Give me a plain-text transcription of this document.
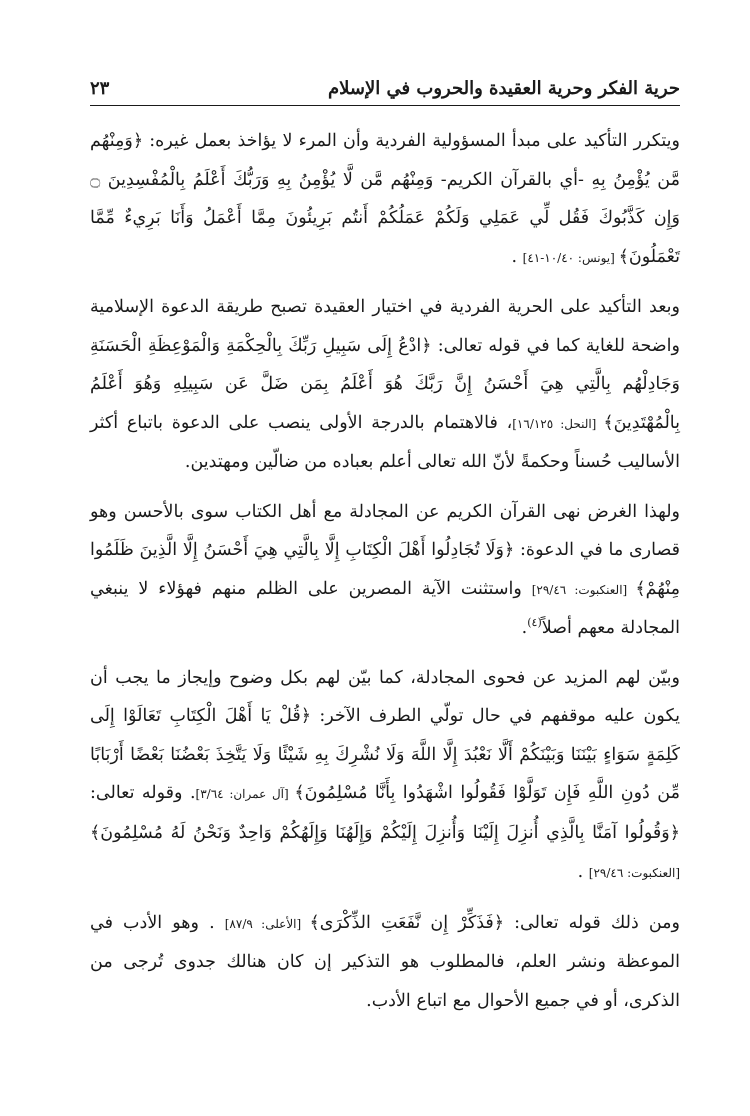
حرية الفكر وحرية العقيدة والحروب في الإسلام
٢٣

ويتكرر التأكيد على مبدأ المسؤولية الفردية وأن المرء لا يؤاخذ بعمل غيره: ﴿وَمِنْهُم مَّن يُؤْمِنُ بِهِ -أي بالقرآن الكريم- وَمِنْهُم مَّن لَّا يُؤْمِنُ بِهِ وَرَبُّكَ أَعْلَمُ بِالْمُفْسِدِينَ ۝ وَإِن كَذَّبُوكَ فَقُل لِّي عَمَلِي وَلَكُمْ عَمَلُكُمْ أَنتُم بَرِيئُونَ مِمَّا أَعْمَلُ وَأَنَا بَرِيءٌ مِّمَّا تَعْمَلُونَ﴾ [يونس: ١٠/٤٠-٤١] .

وبعد التأكيد على الحرية الفردية في اختيار العقيدة تصبح طريقة الدعوة الإسلامية واضحة للغاية كما في قوله تعالى: ﴿ادْعُ إِلَى سَبِيلِ رَبِّكَ بِالْحِكْمَةِ وَالْمَوْعِظَةِ الْحَسَنَةِ وَجَادِلْهُم بِالَّتِي هِيَ أَحْسَنُ إِنَّ رَبَّكَ هُوَ أَعْلَمُ بِمَن ضَلَّ عَن سَبِيلِهِ وَهُوَ أَعْلَمُ بِالْمُهْتَدِينَ﴾ [النحل: ١٦/١٢٥]، فالاهتمام بالدرجة الأولى ينصب على الدعوة باتباع أكثر الأساليب حُسناً وحكمةً لأنّ الله تعالى أعلم بعباده من ضالّين ومهتدين.

ولهذا الغرض نهى القرآن الكريم عن المجادلة مع أهل الكتاب سوى بالأحسن وهو قصارى ما في الدعوة: ﴿وَلَا تُجَادِلُوا أَهْلَ الْكِتَابِ إِلَّا بِالَّتِي هِيَ أَحْسَنُ إِلَّا الَّذِينَ ظَلَمُوا مِنْهُمْ﴾ [العنكبوت: ٢٩/٤٦] واستثنت الآية المصرين على الظلم منهم فهؤلاء لا ينبغي المجادلة معهم أصلاً$^{(٤)}$.

وبيّن لهم المزيد عن فحوى المجادلة، كما بيّن لهم بكل وضوح وإيجاز ما يجب أن يكون عليه موقفهم في حال تولّي الطرف الآخر: ﴿قُلْ يَا أَهْلَ الْكِتَابِ تَعَالَوْا إِلَى كَلِمَةٍ سَوَاءٍ بَيْنَنَا وَبَيْنَكُمْ أَلَّا نَعْبُدَ إِلَّا اللَّهَ وَلَا نُشْرِكَ بِهِ شَيْئًا وَلَا يَتَّخِذَ بَعْضُنَا بَعْضًا أَرْبَابًا مِّن دُونِ اللَّهِ فَإِن تَوَلَّوْا فَقُولُوا اشْهَدُوا بِأَنَّا مُسْلِمُونَ﴾ [آل عمران: ٣/٦٤]. وقوله تعالى: ﴿وَقُولُوا آمَنَّا بِالَّذِي أُنزِلَ إِلَيْنَا وَأُنزِلَ إِلَيْكُمْ وَإِلَهُنَا وَإِلَهُكُمْ وَاحِدٌ وَنَحْنُ لَهُ مُسْلِمُونَ﴾ [العنكبوت: ٢٩/٤٦] .

ومن ذلك قوله تعالى: ﴿فَذَكِّرْ إِن نَّفَعَتِ الذِّكْرَى﴾ [الأعلى: ٨٧/٩] . وهو الأدب في الموعظة ونشر العلم، فالمطلوب هو التذكير إن كان هنالك جدوى تُرجى من الذكرى، أو في جميع الأحوال مع اتباع الأدب.
